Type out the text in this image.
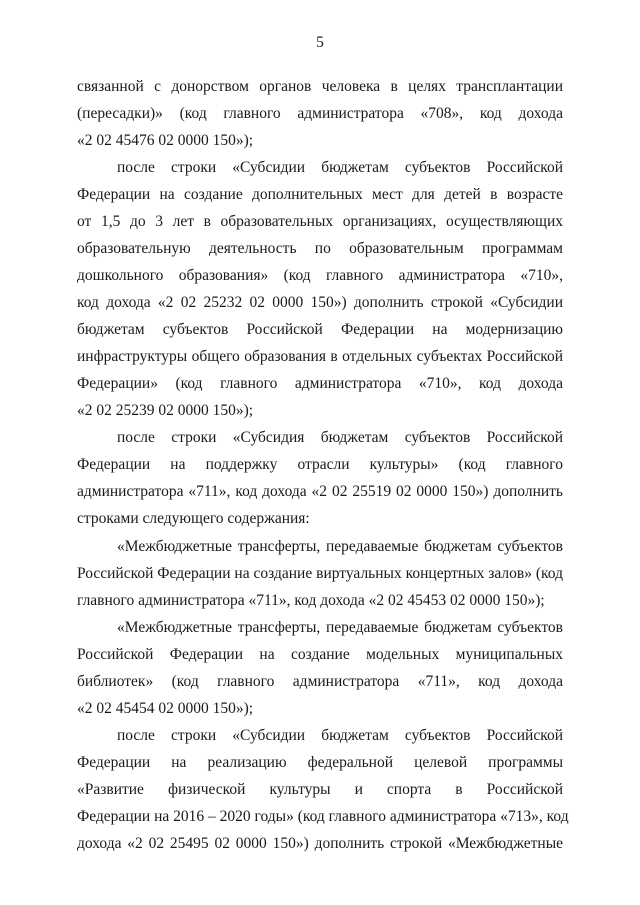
5
связанной с донорством органов человека в целях трансплантации
(пересадки)» (код главного администратора «708», код дохода
«2 02 45476 02 0000 150»);
после строки «Субсидии бюджетам субъектов Российской
Федерации на создание дополнительных мест для детей в возрасте
от 1,5 до 3 лет в образовательных организациях, осуществляющих
образовательную деятельность по образовательным программам
дошкольного образования» (код главного администратора «710»,
код дохода «2 02 25232 02 0000 150») дополнить строкой «Субсидии
бюджетам субъектов Российской Федерации на модернизацию
инфраструктуры общего образования в отдельных субъектах Российской
Федерации» (код главного администратора «710», код дохода
«2 02 25239 02 0000 150»);
после строки «Субсидия бюджетам субъектов Российской
Федерации на поддержку отрасли культуры» (код главного
администратора «711», код дохода «2 02 25519 02 0000 150») дополнить
строками следующего содержания:
«Межбюджетные трансферты, передаваемые бюджетам субъектов
Российской Федерации на создание виртуальных концертных залов» (код
главного администратора «711», код дохода «2 02 45453 02 0000 150»);
«Межбюджетные трансферты, передаваемые бюджетам субъектов
Российской Федерации на создание модельных муниципальных
библиотек» (код главного администратора «711», код дохода
«2 02 45454 02 0000 150»);
после строки «Субсидии бюджетам субъектов Российской
Федерации на реализацию федеральной целевой программы
«Развитие физической культуры и спорта в Российской
Федерации на 2016 – 2020 годы» (код главного администратора «713», код
дохода «2 02 25495 02 0000 150») дополнить строкой «Межбюджетные
